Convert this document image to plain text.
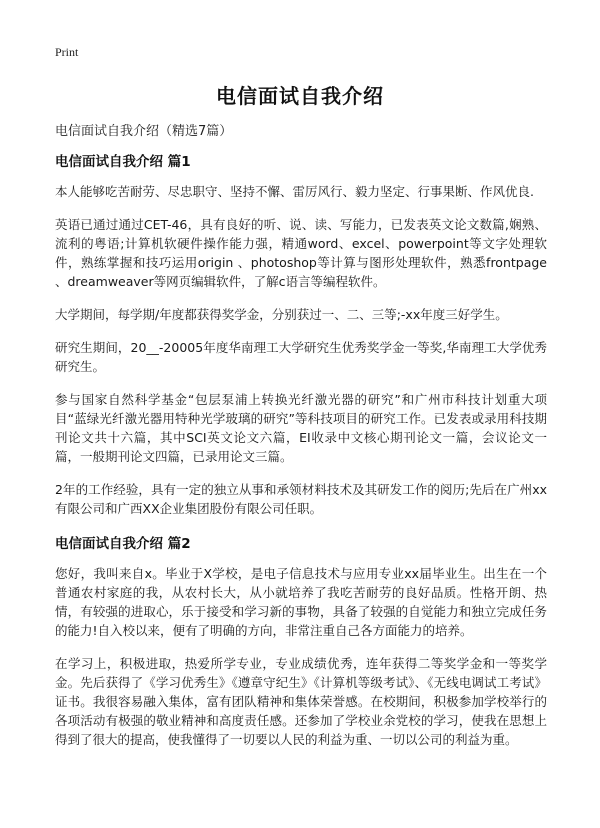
Print
电信面试自我介绍
电信面试自我介绍（精选7篇）
电信面试自我介绍 篇1

本人能够吃苦耐劳、尽忠职守、坚持不懈、雷厉风行、毅力坚定、行事果断、作风优良.

英语已通过通过CET-46，具有良好的听、说、读、写能力，已发表英文论文数篇,娴熟、流利的粤语;计算机软硬件操作能力强，精通word、excel、powerpoint等文字处理软件，熟练掌握和技巧运用origin 、photoshop等计算与图形处理软件，熟悉frontpage 、dreamweaver等网页编辑软件，了解c语言等编程软件。

大学期间，每学期/年度都获得奖学金，分别获过一、二、三等;-xx年度三好学生。

研究生期间，20__-20005年度华南理工大学研究生优秀奖学金一等奖,华南理工大学优秀研究生。

参与国家自然科学基金“包层泵浦上转换光纤激光器的研究”和广州市科技计划重大项目“蓝绿光纤激光器用特种光学玻璃的研究”等科技项目的研究工作。已发表或录用科技期刊论文共十六篇，其中SCI英文论文六篇，EI收录中文核心期刊论文一篇，会议论文一篇，一般期刊论文四篇，已录用论文三篇。

2年的工作经验，具有一定的独立从事和承领材料技术及其研发工作的阅历;先后在广州xx有限公司和广西XX企业集团股份有限公司任职。

电信面试自我介绍 篇2

您好，我叫来自x。毕业于X学校，是电子信息技术与应用专业xx届毕业生。出生在一个普通农村家庭的我，从农村长大，从小就培养了我吃苦耐劳的良好品质。性格开朗、热情，有较强的进取心，乐于接受和学习新的事物，具备了较强的自觉能力和独立完成任务的能力!自入校以来，便有了明确的方向，非常注重自己各方面能力的培养。

在学习上，积极进取，热爱所学专业，专业成绩优秀，连年获得二等奖学金和一等奖学金。先后获得了《学习优秀生》《遵章守纪生》《计算机等级考试》、《无线电调试工考试》证书。我很容易融入集体，富有团队精神和集体荣誉感。在校期间，积极参加学校举行的各项活动有极强的敬业精神和高度责任感。还参加了学校业余党校的学习，使我在思想上得到了很大的提高，使我懂得了一切要以人民的利益为重、一切以公司的利益为重。
